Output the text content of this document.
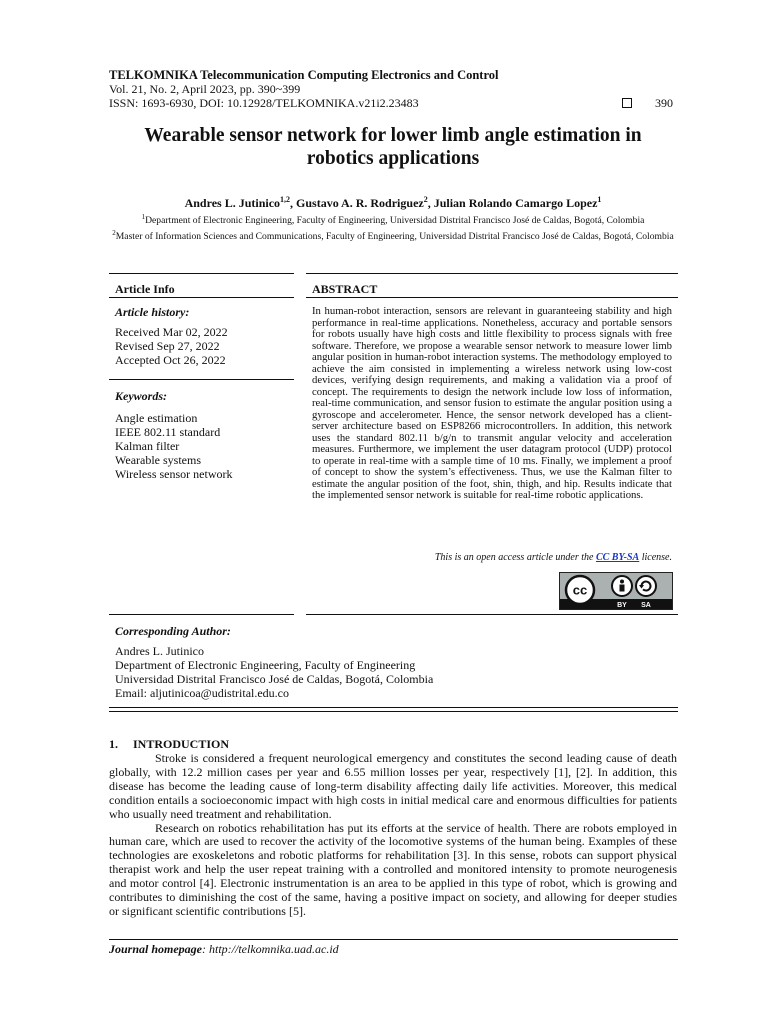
TELKOMNIKA Telecommunication Computing Electronics and Control
Vol. 21, No. 2, April 2023, pp. 390~399
ISSN: 1693-6930, DOI: 10.12928/TELKOMNIKA.v21i2.23483	390
Wearable sensor network for lower limb angle estimation in robotics applications
Andres L. Jutinico$^{1,2}$, Gustavo A. R. Rodriguez$^2$, Julian Rolando Camargo Lopez$^1$
$^1$Department of Electronic Engineering, Faculty of Engineering, Universidad Distrital Francisco José de Caldas, Bogotá, Colombia
$^2$Master of Information Sciences and Communications, Faculty of Engineering, Universidad Distrital Francisco José de Caldas, Bogotá, Colombia
Article Info	ABSTRACT
Article history:
Received Mar 02, 2022
Revised Sep 27, 2022
Accepted Oct 26, 2022
Keywords:
Angle estimation
IEEE 802.11 standard
Kalman filter
Wearable systems
Wireless sensor network
In human-robot interaction, sensors are relevant in guaranteeing stability and high performance in real-time applications. Nonetheless, accuracy and portable sensors for robots usually have high costs and little flexibility to process signals with free software. Therefore, we propose a wearable sensor network to measure lower limb angular position in human-robot interaction systems. The methodology employed to achieve the aim consisted in implementing a wireless network using low-cost devices, verifying design requirements, and making a validation via a proof of concept. The requirements to design the network include low loss of information, real-time communication, and sensor fusion to estimate the angular position using a gyroscope and accelerometer. Hence, the sensor network developed has a client-server architecture based on ESP8266 microcontrollers. In addition, this network uses the standard 802.11 b/g/n to transmit angular velocity and acceleration measures. Furthermore, we implement the user datagram protocol (UDP) protocol to operate in real-time with a sample time of 10 ms. Finally, we implement a proof of concept to show the system’s effectiveness. Thus, we use the Kalman filter to estimate the angular position of the foot, shin, thigh, and hip. Results indicate that the implemented sensor network is suitable for real-time robotic applications.
This is an open access article under the CC BY-SA license.
cc
BY SA
Corresponding Author:
Andres L. Jutinico
Department of Electronic Engineering, Faculty of Engineering
Universidad Distrital Francisco José de Caldas, Bogotá, Colombia
Email: aljutinicoa@udistrital.edu.co
1.     INTRODUCTION

Stroke is considered a frequent neurological emergency and constitutes the second leading cause of death globally, with 12.2 million cases per year and 6.55 million losses per year, respectively [1], [2]. In addition, this disease has become the leading cause of long-term disability affecting daily life activities. Moreover, this medical condition entails a socioeconomic impact with high costs in initial medical care and enormous difficulties for patients who usually need treatment and rehabilitation.

Research on robotics rehabilitation has put its efforts at the service of health. There are robots employed in human care, which are used to recover the activity of the locomotive systems of the human being. Examples of these technologies are exoskeletons and robotic platforms for rehabilitation [3]. In this sense, robots can support physical therapist work and help the user repeat training with a controlled and monitored intensity to promote neurogenesis and motor control [4]. Electronic instrumentation is an area to be applied in this type of robot, which is growing and contributes to diminishing the cost of the same, having a positive impact on society, and allowing for deeper studies or significant scientific contributions [5].

Journal homepage: http://telkomnika.uad.ac.id
